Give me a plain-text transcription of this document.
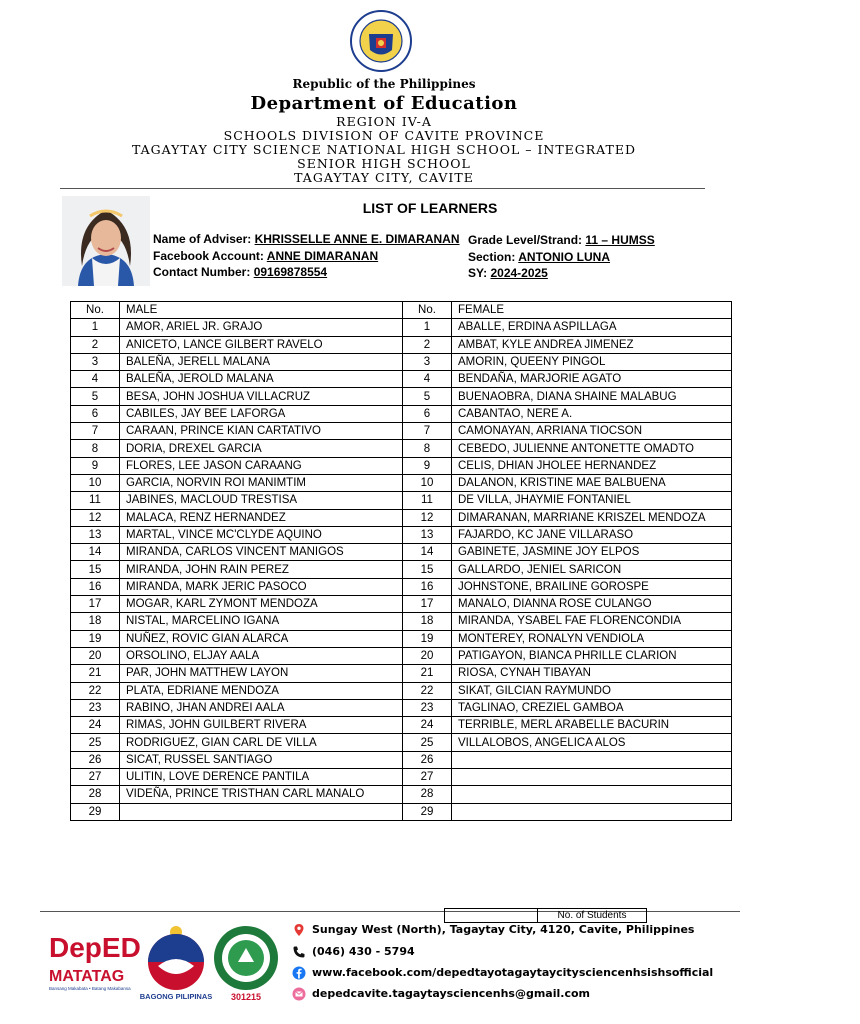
Republic of the Philippines
Department of Education
REGION IV-A
SCHOOLS DIVISION OF CAVITE PROVINCE
TAGAYTAY CITY SCIENCE NATIONAL HIGH SCHOOL – INTEGRATED
SENIOR HIGH SCHOOL
TAGAYTAY CITY, CAVITE
LIST OF LEARNERS
Name of Adviser: KHRISSELLE ANNE E. DIMARANAN
Facebook Account: ANNE DIMARANAN
Contact Number: 09169878554
Grade Level/Strand: 11 – HUMSS
Section: ANTONIO LUNA
SY: 2024-2025
No.	MALE	No.	FEMALE
1	AMOR, ARIEL JR. GRAJO	1	ABALLE, ERDINA ASPILLAGA
2	ANICETO, LANCE GILBERT RAVELO	2	AMBAT, KYLE ANDREA JIMENEZ
3	BALEÑA, JERELL MALANA	3	AMORIN, QUEENY PINGOL
4	BALEÑA, JEROLD MALANA	4	BENDAÑA, MARJORIE AGATO
5	BESA, JOHN JOSHUA VILLACRUZ	5	BUENAOBRA, DIANA SHAINE MALABUG
6	CABILES, JAY BEE LAFORGA	6	CABANTAO, NERE A.
7	CARAAN, PRINCE KIAN CARTATIVO	7	CAMONAYAN, ARRIANA TIOCSON
8	DORIA, DREXEL GARCIA	8	CEBEDO, JULIENNE ANTONETTE OMADTO
9	FLORES, LEE JASON CARAANG	9	CELIS, DHIAN JHOLEE HERNANDEZ
10	GARCIA, NORVIN ROI MANIMTIM	10	DALANON, KRISTINE MAE BALBUENA
11	JABINES, MACLOUD TRESTISA	11	DE VILLA, JHAYMIE FONTANIEL
12	MALACA, RENZ HERNANDEZ	12	DIMARANAN, MARRIANE KRISZEL MENDOZA
13	MARTAL, VINCE MC'CLYDE AQUINO	13	FAJARDO, KC JANE VILLARASO
14	MIRANDA, CARLOS VINCENT MANIGOS	14	GABINETE, JASMINE JOY ELPOS
15	MIRANDA, JOHN RAIN PEREZ	15	GALLARDO, JENIEL SARICON
16	MIRANDA, MARK JERIC PASOCO	16	JOHNSTONE, BRAILINE GOROSPE
17	MOGAR, KARL ZYMONT MENDOZA	17	MANALO, DIANNA ROSE CULANGO
18	NISTAL, MARCELINO IGANA	18	MIRANDA, YSABEL FAE FLORENCONDIA
19	NUÑEZ, ROVIC GIAN ALARCA	19	MONTEREY, RONALYN VENDIOLA
20	ORSOLINO, ELJAY AALA	20	PATIGAYON, BIANCA PHRILLE CLARION
21	PAR, JOHN MATTHEW LAYON	21	RIOSA, CYNAH TIBAYAN
22	PLATA, EDRIANE MENDOZA	22	SIKAT, GILCIAN RAYMUNDO
23	RABINO, JHAN ANDREI AALA	23	TAGLINAO, CREZIEL GAMBOA
24	RIMAS, JOHN GUILBERT RIVERA	24	TERRIBLE, MERL ARABELLE BACURIN
25	RODRIGUEZ, GIAN CARL DE VILLA	25	VILLALOBOS, ANGELICA ALOS
26	SICAT, RUSSEL SANTIAGO	26	
27	ULITIN, LOVE DERENCE PANTILA	27	
28	VIDEÑA, PRINCE TRISTHAN CARL MANALO	28	
29		29	
	No. of Students
DepED
MATATAG
Bansang Makabata • Batang Makabansa
BAGONG PILIPINAS 301215
Sungay West (North), Tagaytay City, 4120, Cavite, Philippines
(046) 430 - 5794
www.facebook.com/depedtayotagaytaycitysciencenhsishsofficial
depedcavite.tagaytaysciencenhs@gmail.com
